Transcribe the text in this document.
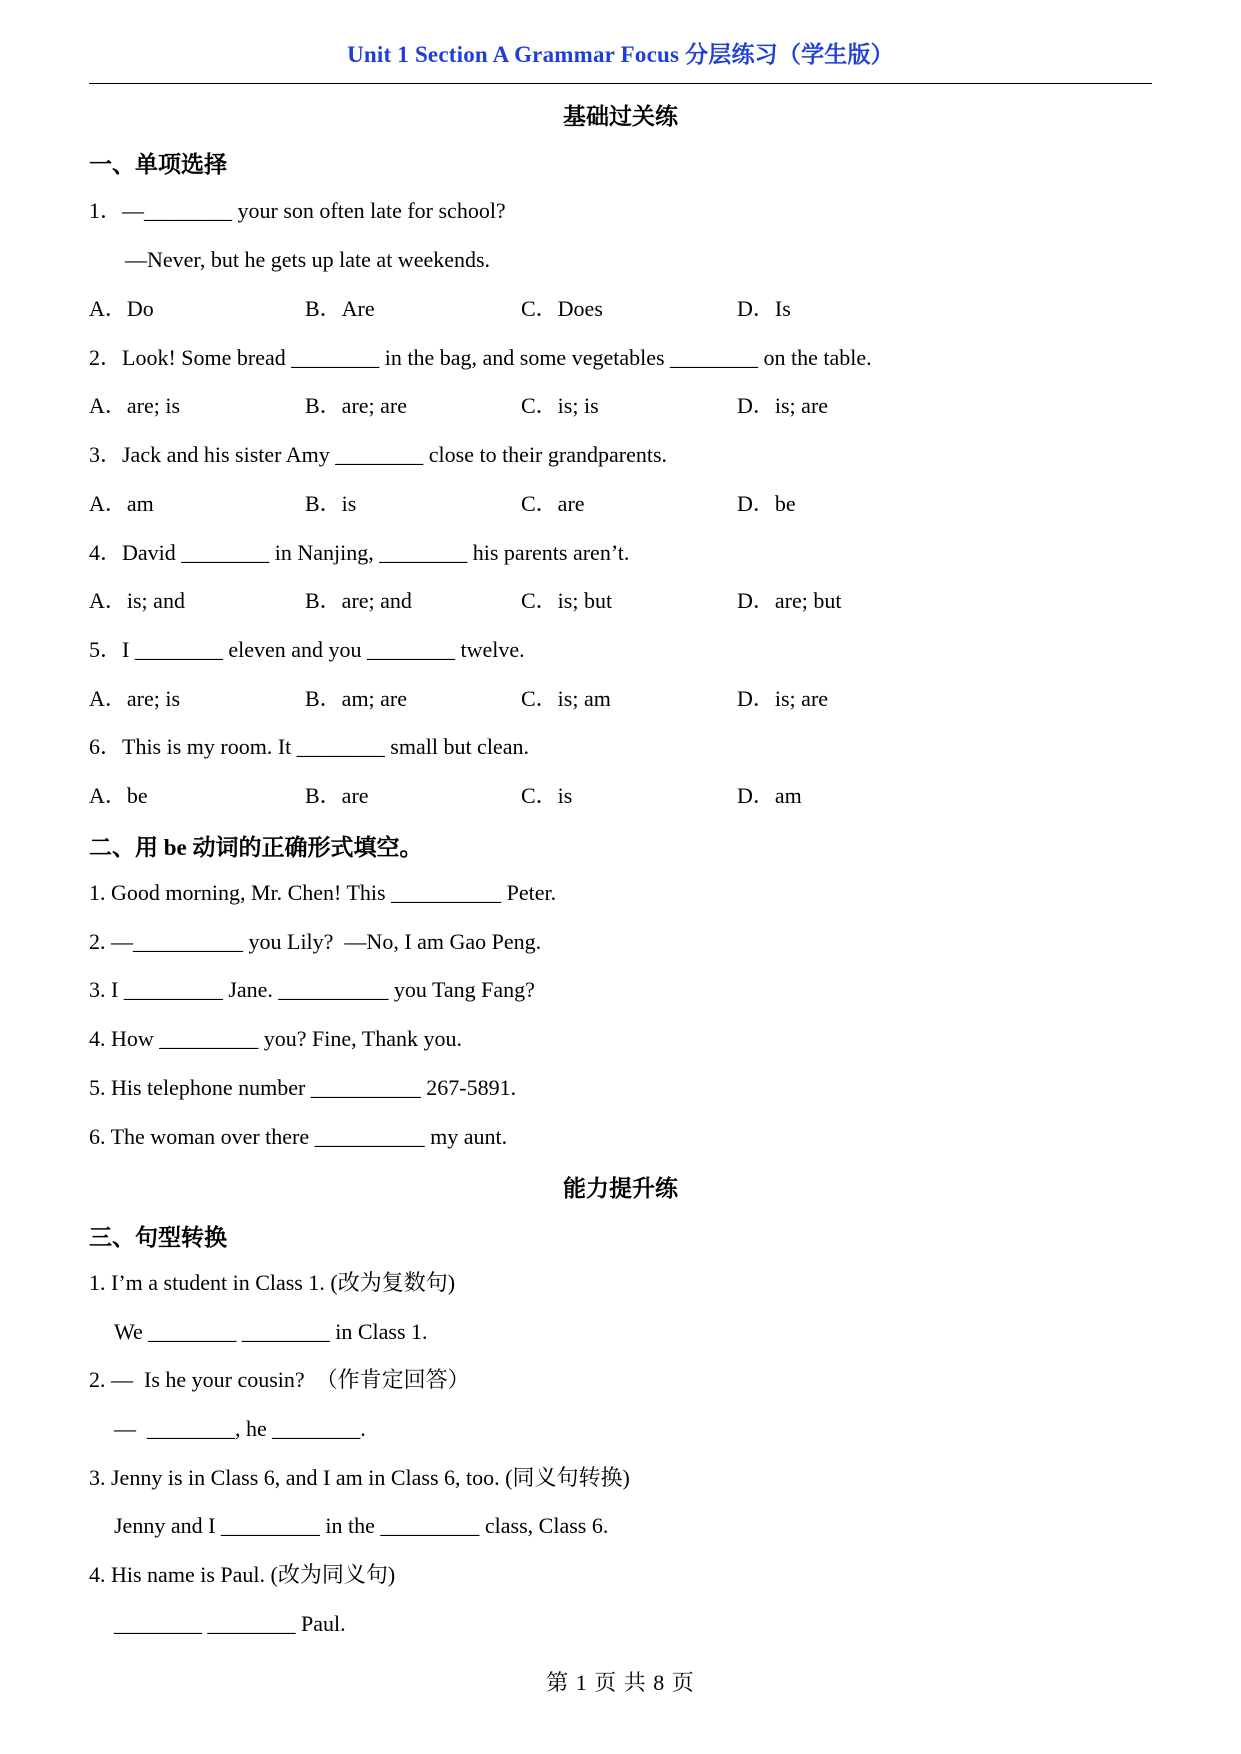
Unit 1 Section A Grammar Focus 分层练习（学生版）
基础过关练
一、单项选择
1．—________ your son often late for school?
—Never, but he gets up late at weekends.
A．Do	B．Are	C．Does	D．Is
2．Look! Some bread ________ in the bag, and some vegetables ________ on the table.
A．are; is	B．are; are	C．is; is	D．is; are
3．Jack and his sister Amy ________ close to their grandparents.
A．am	B．is	C．are	D．be
4．David ________ in Nanjing, ________ his parents aren’t.
A．is; and	B．are; and	C．is; but	D．are; but
5．I ________ eleven and you ________ twelve.
A．are; is	B．am; are	C．is; am	D．is; are
6．This is my room. It ________ small but clean.
A．be	B．are	C．is	D．am
二、用 be 动词的正确形式填空。
1. Good morning, Mr. Chen! This __________ Peter.
2. —__________ you Lily?  —No, I am Gao Peng.
3. I _________ Jane. __________ you Tang Fang?
4. How _________ you? Fine, Thank you.
5. His telephone number __________ 267-5891.
6. The woman over there __________ my aunt.
能力提升练
三、句型转换
1. I’m a student in Class 1. (改为复数句)
We ________ ________ in Class 1.
2. —  Is he your cousin?  （作肯定回答）
—  ________, he ________.
3. Jenny is in Class 6, and I am in Class 6, too. (同义句转换)
Jenny and I _________ in the _________ class, Class 6.
4. His name is Paul. (改为同义句)
________ ________ Paul.
第 1 页 共 8 页
